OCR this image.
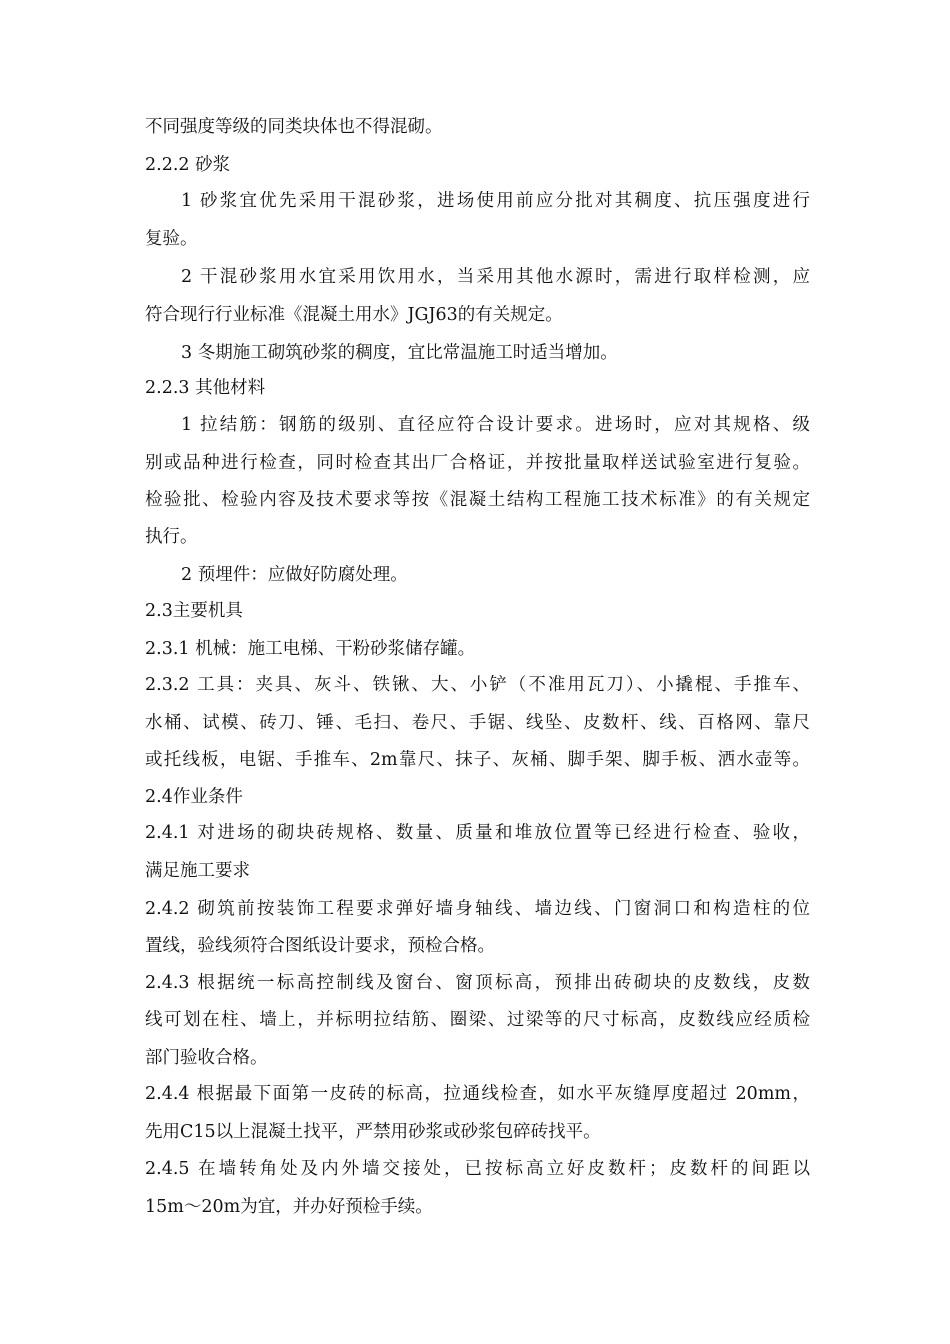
不同强度等级的同类块体也不得混砌。
2.2.2 砂浆
1 砂浆宜优先采用干混砂浆，进场使用前应分批对其稠度、抗压强度进行
复验。
2 干混砂浆用水宜采用饮用水，当采用其他水源时，需进行取样检测，应
符合现行行业标准《混凝土用水》JGJ63的有关规定。
3 冬期施工砌筑砂浆的稠度，宜比常温施工时适当增加。
2.2.3 其他材料
1 拉结筋：钢筋的级别、直径应符合设计要求。进场时，应对其规格、级
别或品种进行检查，同时检查其出厂合格证，并按批量取样送试验室进行复验。
检验批、检验内容及技术要求等按《混凝土结构工程施工技术标准》的有关规定
执行。
2 预埋件：应做好防腐处理。
2.3主要机具
2.3.1 机械：施工电梯、干粉砂浆储存罐。
2.3.2 工具：夹具、灰斗、铁锹、大、小铲（不准用瓦刀）、小撬棍、手推车、
水桶、试模、砖刀、锤、毛扫、卷尺、手锯、线坠、皮数杆、线、百格网、靠尺
或托线板，电锯、手推车、2m靠尺、抹子、灰桶、脚手架、脚手板、洒水壶等。
2.4作业条件
2.4.1 对进场的砌块砖规格、数量、质量和堆放位置等已经进行检查、验收，
满足施工要求
2.4.2 砌筑前按装饰工程要求弹好墙身轴线、墙边线、门窗洞口和构造柱的位
置线，验线须符合图纸设计要求，预检合格。
2.4.3 根据统一标高控制线及窗台、窗顶标高，预排出砖砌块的皮数线，皮数
线可划在柱、墙上，并标明拉结筋、圈梁、过梁等的尺寸标高，皮数线应经质检
部门验收合格。
2.4.4 根据最下面第一皮砖的标高，拉通线检查，如水平灰缝厚度超过 20mm，
先用C15以上混凝土找平，严禁用砂浆或砂浆包碎砖找平。
2.4.5 在墙转角处及内外墙交接处，已按标高立好皮数杆；皮数杆的间距以
15m～20m为宜，并办好预检手续。
